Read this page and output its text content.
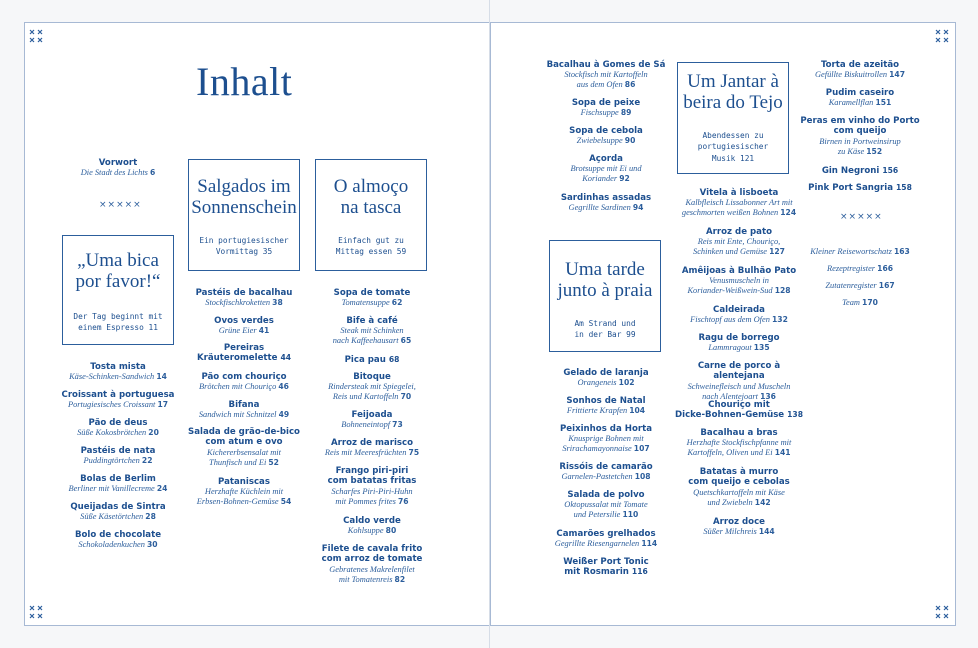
Inhalt
Vorwort
Die Stadt des Lichts 6
×××××
„Uma bica
por favor!“
Der Tag beginnt mit
einem Espresso 11
Salgados im
Sonnenschein
Ein portugiesischer
Vormittag 35
O almoço
na tasca
Einfach gut zu
Mittag essen 59
Um Jantar à
beira do Tejo
Abendessen zu
portugiesischer
Musik 121
Uma tarde
junto à praia
Am Strand und
in der Bar 99
Tosta mista
Käse-Schinken-Sandwich 14
Croissant à portuguesa
Portugiesisches Croissant 17
Pão de deus
Süße Kokosbrötchen 20
Pastéis de nata
Puddingtörtchen 22
Bolas de Berlim
Berliner mit Vanillecreme 24
Queijadas de Sintra
Süße Käsetörtchen 28
Bolo de chocolate
Schokoladenkuchen 30
Pastéis de bacalhau
Stockfischkroketten 38
Ovos verdes
Grüne Eier 41
Pereiras
Kräuteromelette 44
Pão com chouriço
Brötchen mit Chouriço 46
Bifana
Sandwich mit Schnitzel 49
Salada de grão-de-bico
com atum e ovo
Kichererbsensalat mit
Thunfisch und Ei 52
Pataniscas
Herzhafte Küchlein mit
Erbsen-Bohnen-Gemüse 54
Sopa de tomate
Tomatensuppe 62
Bife à café
Steak mit Schinken
nach Kaffeehausart 65
Pica pau 68
Bitoque
Rindersteak mit Spiegelei,
Reis und Kartoffeln 70
Feijoada
Bohneneintopf 73
Arroz de marisco
Reis mit Meeresfrüchten 75
Frango piri-piri
com batatas fritas
Scharfes Piri-Piri-Huhn
mit Pommes frites 76
Caldo verde
Kohlsuppe 80
Filete de cavala frito
com arroz de tomate
Gebratenes Makrelenfilet
mit Tomatenreis 82
Bacalhau à Gomes de Sá
Stockfisch mit Kartoffeln
aus dem Ofen 86
Sopa de peixe
Fischsuppe 89
Sopa de cebola
Zwiebelsuppe 90
Açorda
Brotsuppe mit Ei und
Koriander 92
Sardinhas assadas
Gegrillte Sardinen 94
Gelado de laranja
Orangeneis 102
Sonhos de Natal
Frittierte Krapfen 104
Peixinhos da Horta
Knusprige Bohnen mit
Srirachamayonnaise 107
Rissóis de camarão
Garnelen-Pastetchen 108
Salada de polvo
Oktopussalat mit Tomate
und Petersilie 110
Camarões grelhados
Gegrillte Riesengarnelen 114
Weißer Port Tonic
mit Rosmarin 116
Vitela à lisboeta
Kalbfleisch Lissabonner Art mit
geschmorten weißen Bohnen 124
Arroz de pato
Reis mit Ente, Chouriço,
Schinken und Gemüse 127
Amêijoas à Bulhão Pato
Venusmuscheln in
Koriander-Weißwein-Sud 128
Caldeirada
Fischtopf aus dem Ofen 132
Ragu de borrego
Lammragout 135
Carne de porco à alentejana
Schweinefleisch und Muscheln
nach Alentejoart 136
Chouriço mit
Dicke-Bohnen-Gemüse 138
Bacalhau a bras
Herzhafte Stockfischpfanne mit
Kartoffeln, Oliven und Ei 141
Batatas à murro
com queijo e cebolas
Quetschkartoffeln mit Käse
und Zwiebeln 142
Arroz doce
Süßer Milchreis 144
Torta de azeitão
Gefüllte Biskuitrollen 147
Pudim caseiro
Karamellflan 151
Peras em vinho do Porto
com queijo
Birnen in Portweinsirup
zu Käse 152
Gin Negroni 156
Pink Port Sangria 158
×××××
Kleiner Reisewortschatz 163
Rezeptregister 166
Zutatenregister 167
Team 170
